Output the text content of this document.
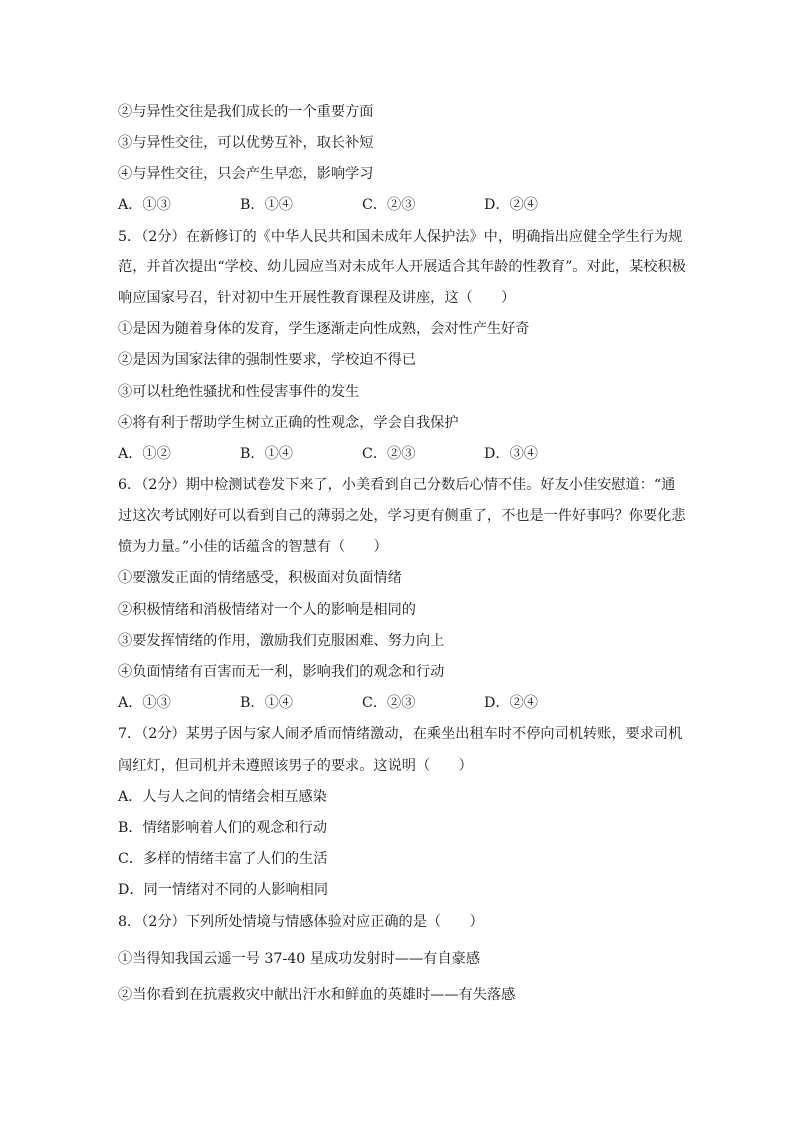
②与异性交往是我们成长的一个重要方面
③与异性交往，可以优势互补，取长补短
④与异性交往，只会产生早恋，影响学习
A．①③	B．①④	C．②③	D．②④
5．（2分）在新修订的《中华人民共和国未成年人保护法》中，明确指出应健全学生行为规
范，并首次提出“学校、幼儿园应当对未成年人开展适合其年龄的性教育”。对此，某校积极
响应国家号召，针对初中生开展性教育课程及讲座，这（　　）
①是因为随着身体的发育，学生逐渐走向性成熟，会对性产生好奇
②是因为国家法律的强制性要求，学校迫不得已
③可以杜绝性骚扰和性侵害事件的发生
④将有利于帮助学生树立正确的性观念，学会自我保护
A．①②	B．①④	C．②③	D．③④
6．（2分）期中检测试卷发下来了，小美看到自己分数后心情不佳。好友小佳安慰道：“通
过这次考试刚好可以看到自己的薄弱之处，学习更有侧重了，不也是一件好事吗？你要化悲
愤为力量。”小佳的话蕴含的智慧有（　　）
①要激发正面的情绪感受，积极面对负面情绪
②积极情绪和消极情绪对一个人的影响是相同的
③要发挥情绪的作用，激励我们克服困难、努力向上
④负面情绪有百害而无一利，影响我们的观念和行动
A．①③	B．①④	C．②③	D．②④
7．（2分）某男子因与家人闹矛盾而情绪激动，在乘坐出租车时不停向司机转账，要求司机
闯红灯，但司机并未遵照该男子的要求。这说明（　　）
A．人与人之间的情绪会相互感染
B．情绪影响着人们的观念和行动
C．多样的情绪丰富了人们的生活
D．同一情绪对不同的人影响相同
8．（2分）下列所处情境与情感体验对应正确的是（　　）
①当得知我国云遥一号 37-40 星成功发射时——有自豪感
②当你看到在抗震救灾中献出汗水和鲜血的英雄时——有失落感
